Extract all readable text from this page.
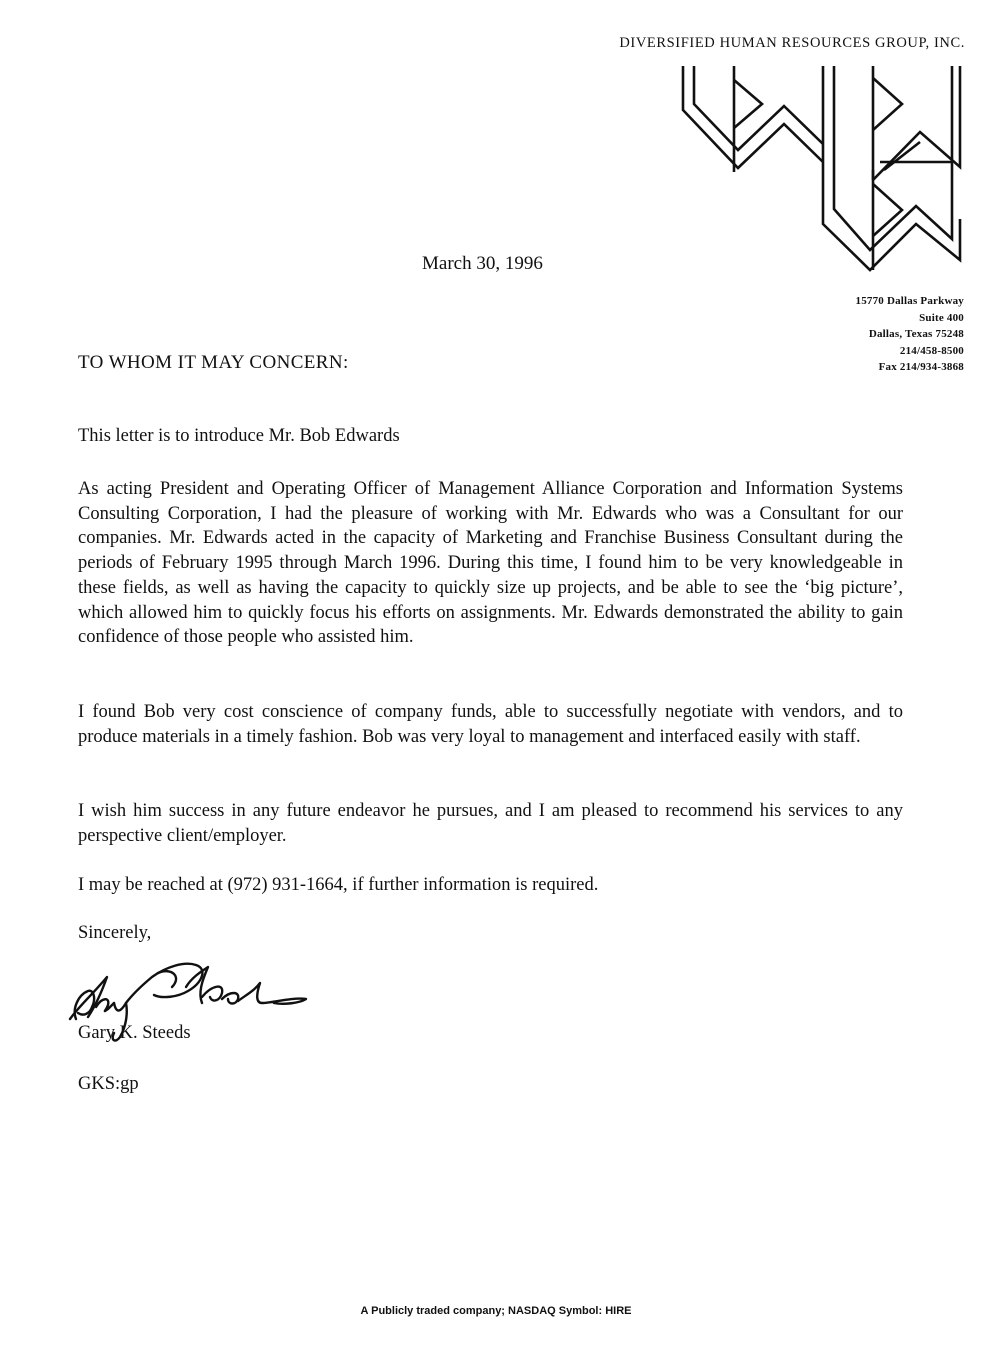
DIVERSIFIED HUMAN RESOURCES GROUP, INC.
March 30, 1996
15770 Dallas Parkway
Suite 400
Dallas, Texas 75248
214/458-8500
Fax 214/934-3868
TO WHOM IT MAY CONCERN:
This letter is to introduce Mr. Bob Edwards
As acting President and Operating Officer of Management Alliance Corporation and Information Systems Consulting Corporation, I had the pleasure of working with Mr. Edwards who was a Consultant for our companies. Mr. Edwards acted in the capacity of Marketing and Franchise Business Consultant during the periods of February 1995 through March 1996. During this time, I found him to be very knowledgeable in these fields, as well as having the capacity to quickly size up projects, and be able to see the ‘big picture’, which allowed him to quickly focus his efforts on assignments. Mr. Edwards demonstrated the ability to gain confidence of those people who assisted him.
I found Bob very cost conscience of company funds, able to successfully negotiate with vendors, and to produce materials in a timely fashion. Bob was very loyal to management and interfaced easily with staff.
I wish him success in any future endeavor he pursues, and I am pleased to recommend his services to any perspective client/employer.
I may be reached at (972) 931-1664, if further information is required.
Sincerely,
Gary K. Steeds
GKS:gp
A Publicly traded company; NASDAQ Symbol: HIRE
